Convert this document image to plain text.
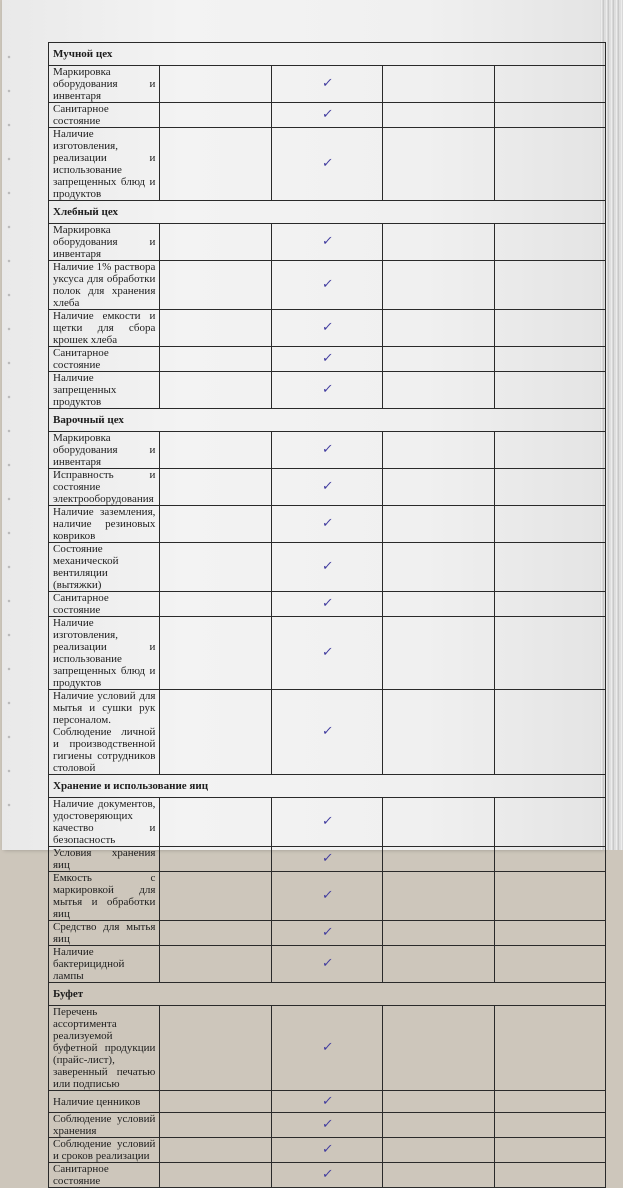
Мучной цех				
Маркировка оборудования и инвентаря		✓		
Санитарное состояние		✓		
Наличие изготовления, реализации и использование запрещенных блюд и продуктов		✓		
Хлебный цех				
Маркировка оборудования и инвентаря		✓		
Наличие 1% раствора уксуса для обработки полок для хранения хлеба		✓		
Наличие емкости и щетки для сбора крошек хлеба		✓		
Санитарное состояние		✓		
Наличие запрещенных продуктов		✓		
Варочный цех				
Маркировка оборудования и инвентаря		✓		
Исправность и состояние электрооборудования		✓		
Наличие заземления, наличие резиновых ковриков		✓		
Состояние механической вентиляции (вытяжки)		✓		
Санитарное состояние		✓		
Наличие изготовления, реализации и использование запрещенных блюд и продуктов		✓		
Наличие условий для мытья и сушки рук персоналом. Соблюдение личной и производственной гигиены сотрудников столовой		✓		
Хранение и использование яиц				
Наличие документов, удостоверяющих качество и безопасность		✓		
Условия хранения яиц		✓		
Емкость с маркировкой для мытья и обработки яиц		✓		
Средство для мытья яиц		✓		
Наличие бактерицидной лампы		✓		
Буфет				
Перечень ассортимента реализуемой буфетной продукции (прайс-лист), заверенный печатью или подписью		✓		
Наличие ценников		✓		
Соблюдение условий хранения		✓		
Соблюдение условий и сроков реализации		✓		
Санитарное состояние		✓		
